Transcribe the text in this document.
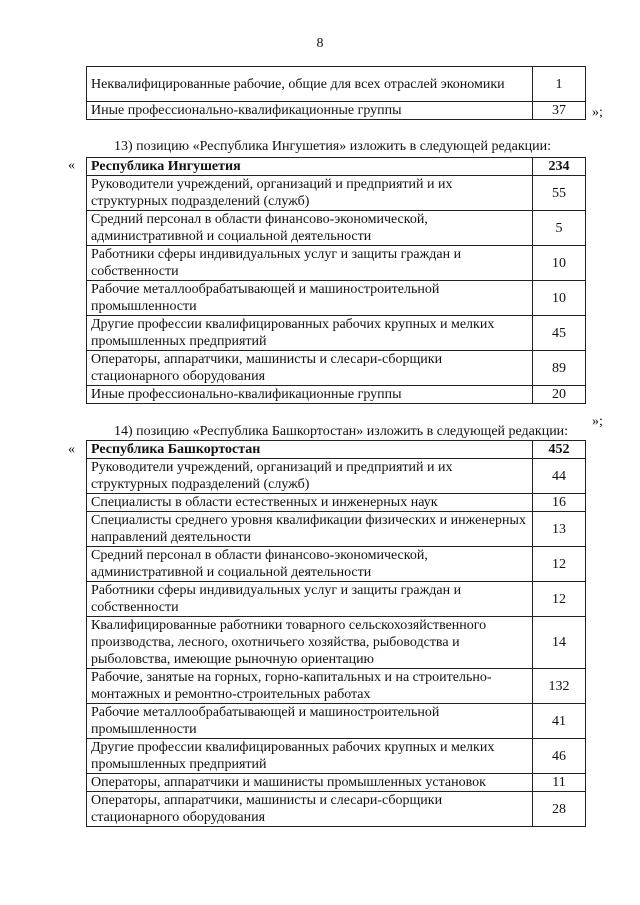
8
Неквалифицированные рабочие, общие для всех отраслей экономики	1
Иные профессионально-квалификационные группы	37 »;
13) позицию «Республика Ингушетия» изложить в следующей редакции:
« Республика Ингушетия	234
Руководители учреждений, организаций и предприятий и их структурных подразделений (служб)	55
Средний персонал в области финансово-экономической, административной и социальной деятельности	5
Работники сферы индивидуальных услуг и защиты граждан и собственности	10
Рабочие металлообрабатывающей и машиностроительной промышленности	10
Другие профессии квалифицированных рабочих крупных и мелких промышленных предприятий	45
Операторы, аппаратчики, машинисты и слесари-сборщики стационарного оборудования	89
Иные профессионально-квалификационные группы	20
»;
14) позицию «Республика Башкортостан» изложить в следующей редакции:
« Республика Башкортостан	452
Руководители учреждений, организаций и предприятий и их структурных подразделений (служб)	44
Специалисты в области естественных и инженерных наук	16
Специалисты среднего уровня квалификации физических и инженерных направлений деятельности	13
Средний персонал в области финансово-экономической, административной и социальной деятельности	12
Работники сферы индивидуальных услуг и защиты граждан и собственности	12
Квалифицированные работники товарного сельскохозяйственного производства, лесного, охотничьего хозяйства, рыбоводства и рыболовства, имеющие рыночную ориентацию	14
Рабочие, занятые на горных, горно-капитальных и на строительно-монтажных и ремонтно-строительных работах	132
Рабочие металлообрабатывающей и машиностроительной промышленности	41
Другие профессии квалифицированных рабочих крупных и мелких промышленных предприятий	46
Операторы, аппаратчики и машинисты промышленных установок	11
Операторы, аппаратчики, машинисты и слесари-сборщики стационарного оборудования	28
